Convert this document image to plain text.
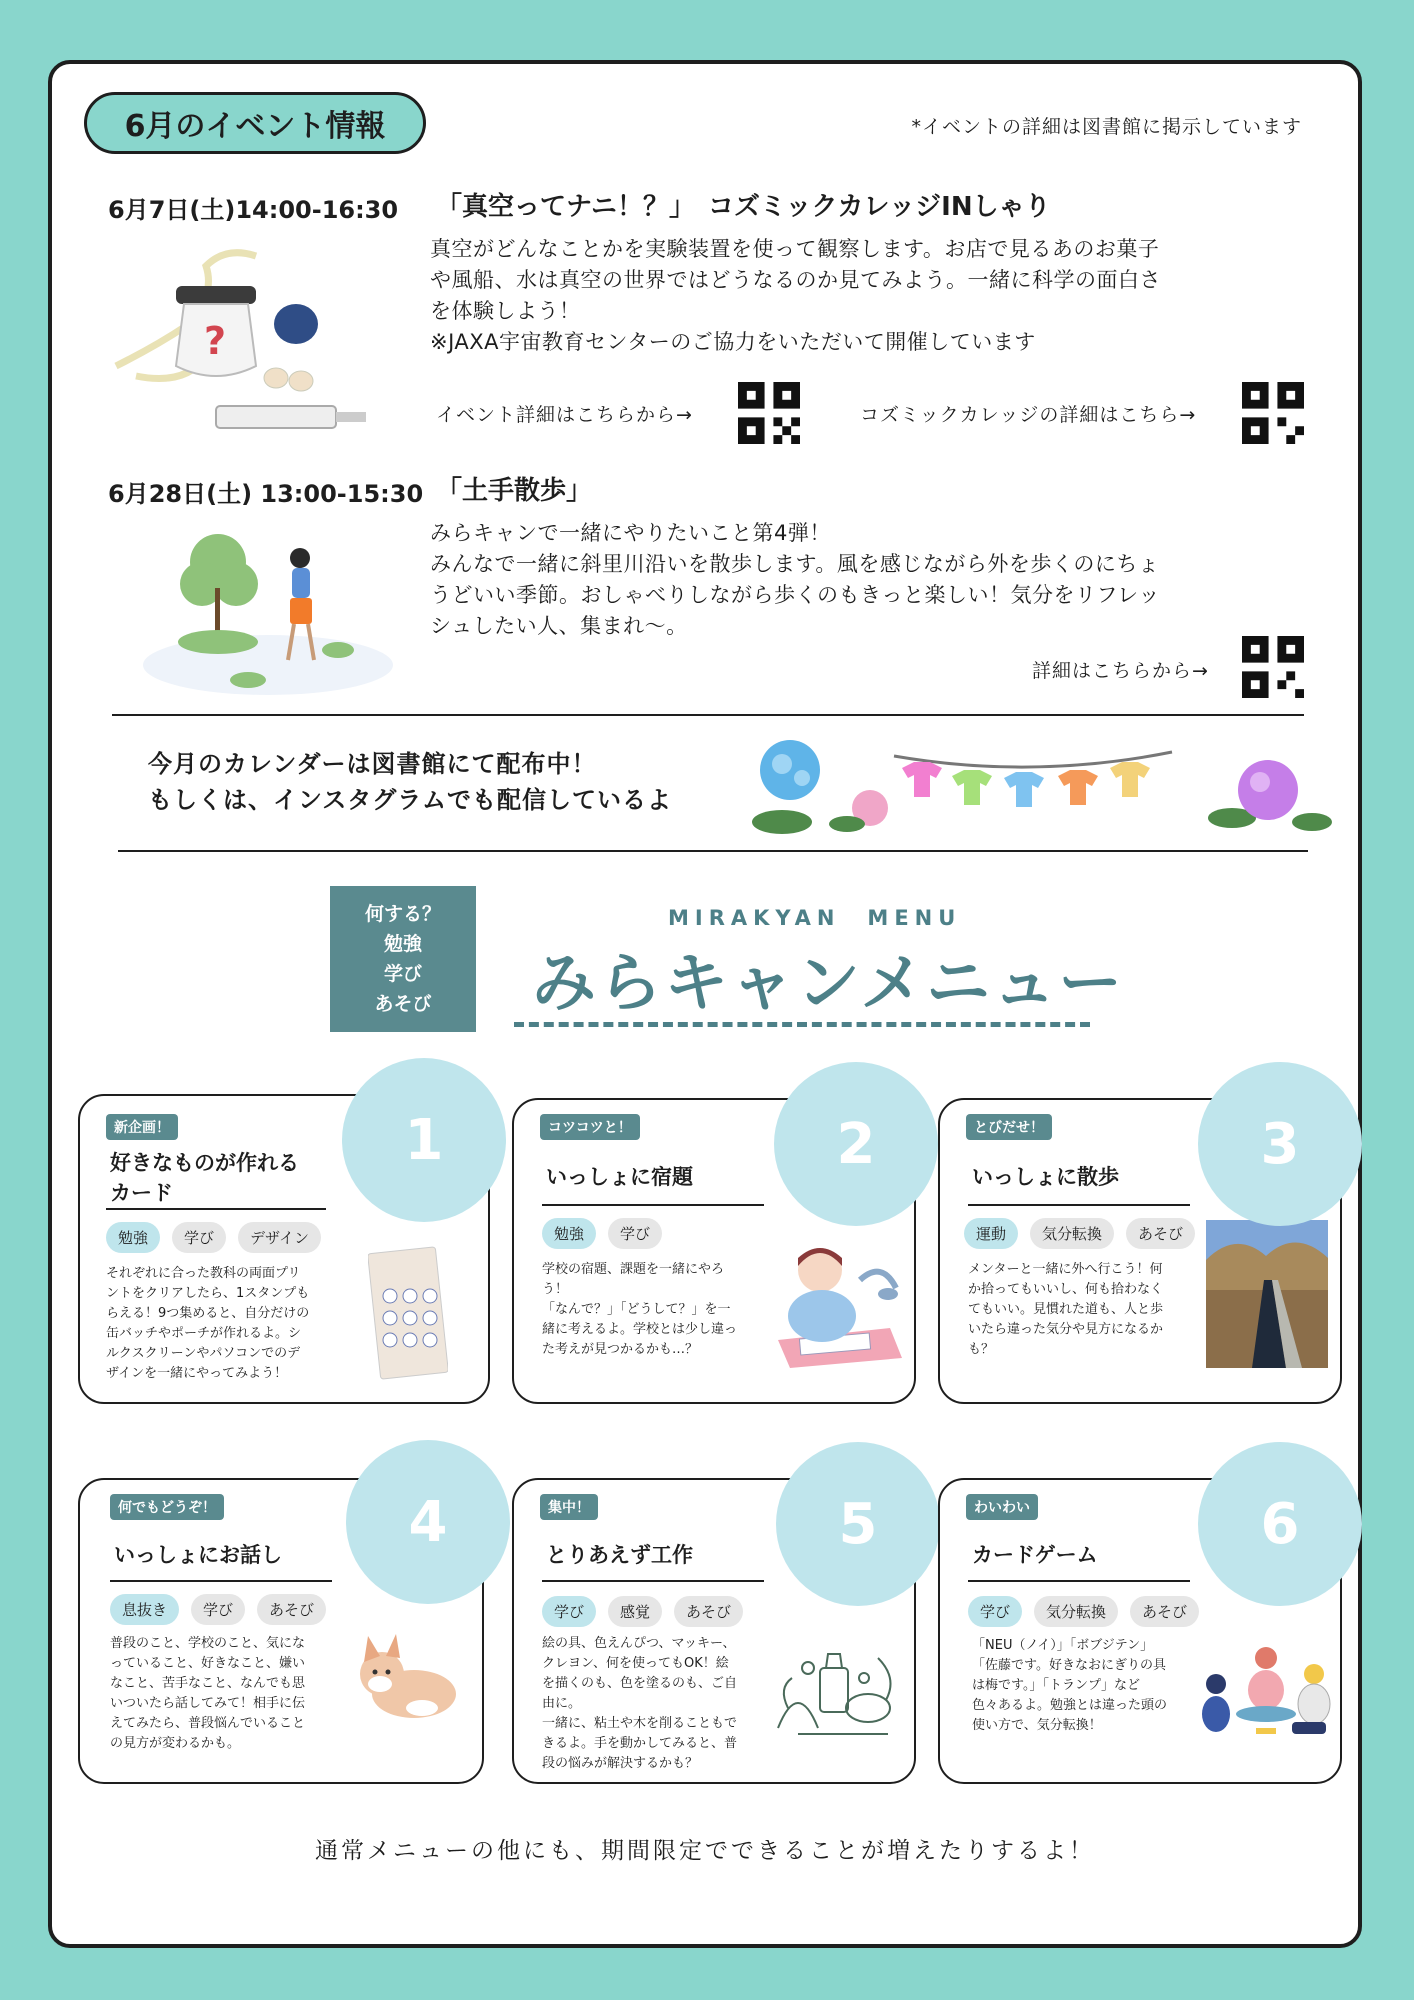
6月のイベント情報	*イベントの詳細は図書館に掲示しています
6月7日(土)14:00-16:30 「真空ってナニ！？」　コズミックカレッジINしゃり
真空がどんなことかを実験装置を使って観察します。お店で見るあのお菓子
や風船、水は真空の世界ではどうなるのか見てみよう。一緒に科学の面白さ
を体験しよう！
※JAXA宇宙教育センターのご協力をいただいて開催しています
?
イベント詳細はこちらから→	コズミックカレッジの詳細はこちら→
6月28日(土) 13:00-15:30 「土手散歩」
みらキャンで一緒にやりたいこと第4弾！
みんなで一緒に斜里川沿いを散歩します。風を感じながら外を歩くのにちょ
うどいい季節。おしゃべりしながら歩くのもきっと楽しい！気分をリフレッ
シュしたい人、集まれ〜。
詳細はこちらから→
今月のカレンダーは図書館にて配布中！
もしくは、インスタグラムでも配信しているよ
何する？
勉強
学び
あそび
MIRAKYAN　MENU
みらキャンメニュー
新企画！
好きなものが作れる
カード
勉強	学び	デザイン
それぞれに合った教科の両面プリ
ントをクリアしたら、1スタンプも
らえる！9つ集めると、自分だけの
缶バッチやポーチが作れるよ。シ
ルクスクリーンやパソコンでのデ
ザインを一緒にやってみよう！
1	コツコツと！
いっしょに宿題
勉強	学び
学校の宿題、課題を一緒にやろ
う！
「なんで？」「どうして？」を一
緒に考えるよ。学校とは少し違っ
た考えが見つかるかも…？
2	とびだせ！
いっしょに散歩
運動	気分転換	あそび
メンターと一緒に外へ行こう！何
か拾ってもいいし、何も拾わなく
てもいい。見慣れた道も、人と歩
いたら違った気分や見方になるか
も？
3
何でもどうぞ！
いっしょにお話し
息抜き	学び	あそび
普段のこと、学校のこと、気にな
っていること、好きなこと、嫌い
なこと、苦手なこと、なんでも思
いついたら話してみて！相手に伝
えてみたら、普段悩んでいること
の見方が変わるかも。
4	集中！
とりあえず工作
学び	感覚	あそび
絵の具、色えんぴつ、マッキー、
クレヨン、何を使ってもOK！絵
を描くのも、色を塗るのも、ご自
由に。
一緒に、粘土や木を削ることもで
きるよ。手を動かしてみると、普
段の悩みが解決するかも？
5	わいわい
カードゲーム
学び	気分転換	あそび
「NEU（ノイ）」「ボブジテン」
「佐藤です。好きなおにぎりの具
は梅です。」「トランプ」など
色々あるよ。勉強とは違った頭の
使い方で、気分転換！
6
通常メニューの他にも、期間限定でできることが増えたりするよ！
